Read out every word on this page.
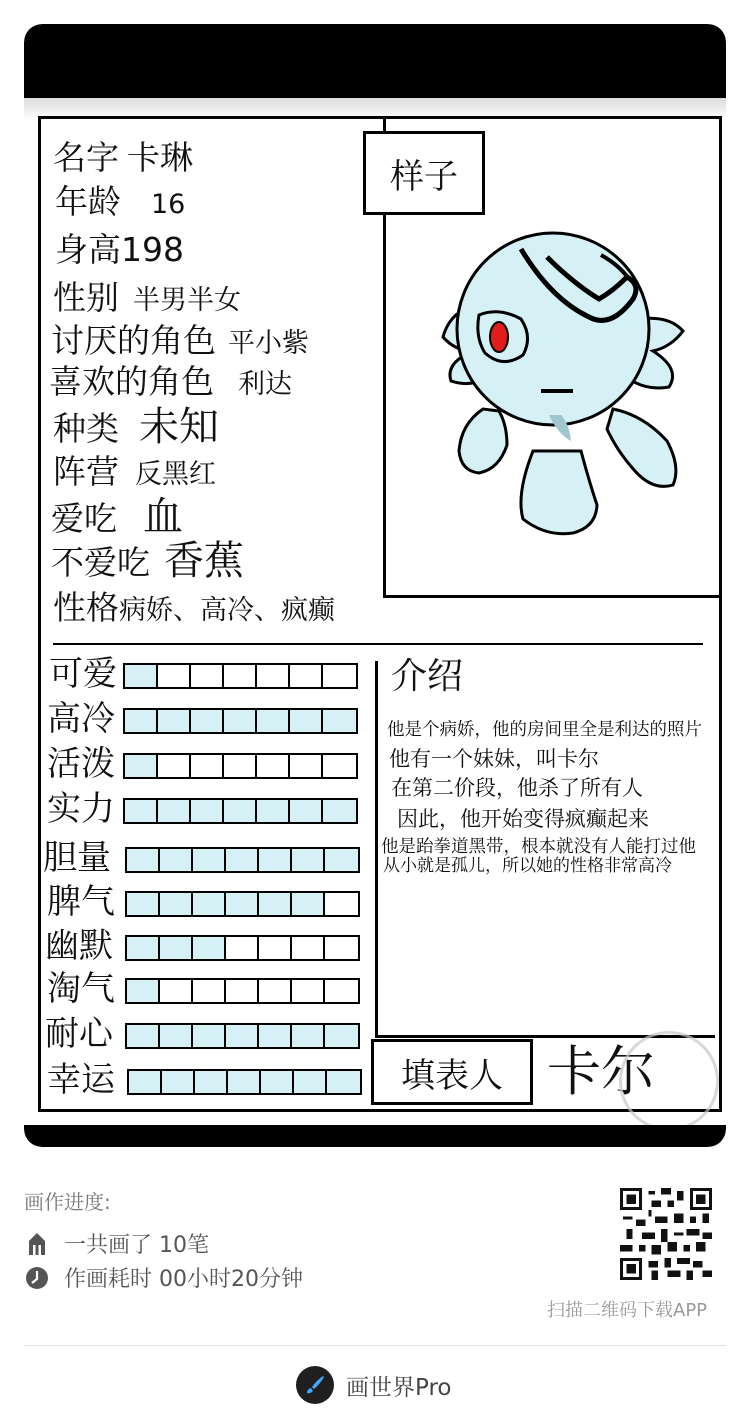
名字 卡琳
年龄 16
身高198
性别 半男半女
讨厌的角色 平小紫
喜欢的角色 利达
种类 未知
阵营 反黑红
爱吃 血
不爱吃 香蕉
性格病娇、高冷、疯癫
样子
可爱
高冷
活泼
实力
胆量
脾气
幽默
淘气
耐心
幸运
介绍
他是个病娇，他的房间里全是利达的照片
他有一个妹妹，叫卡尔
在第二价段，他杀了所有人
因此，他开始变得疯癫起来
他是跆拳道黑带，根本就没有人能打过他
从小就是孤儿，所以她的性格非常高冷
填表人 卡尔
画作进度:
一共画了 10笔
作画耗时 00小时20分钟
扫描二维码下载APP
画世界Pro
